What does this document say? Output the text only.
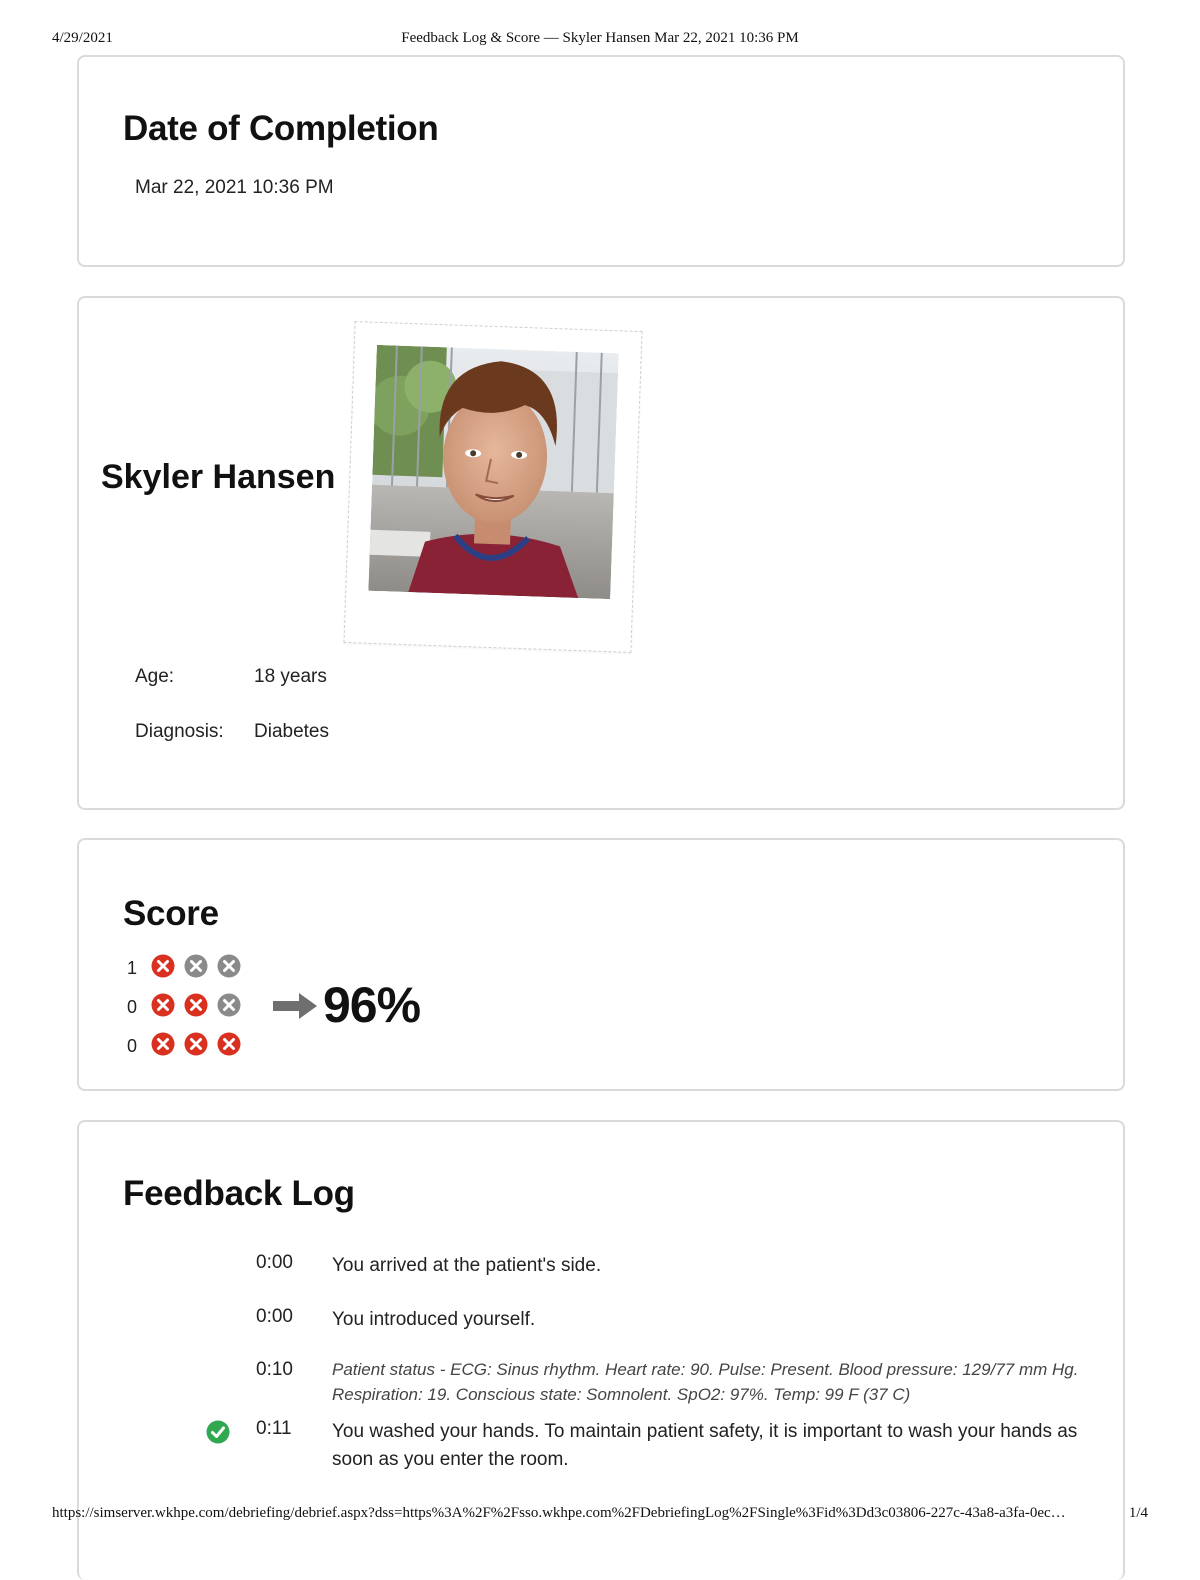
4/29/2021	Feedback Log & Score — Skyler Hansen Mar 22, 2021 10:36 PM
Date of Completion
Mar 22, 2021 10:36 PM
Skyler Hansen
Age:	18 years
Diagnosis: Diabetes
Score
1
0
0
96%
Feedback Log
0:00 You arrived at the patient's side.
0:00 You introduced yourself.
0:10 Patient status - ECG: Sinus rhythm. Heart rate: 90. Pulse: Present. Blood pressure: 129/77 mm Hg. Respiration: 19. Conscious state: Somnolent. SpO2: 97%. Temp: 99 F (37 C)
0:11 You washed your hands. To maintain patient safety, it is important to wash your hands as soon as you enter the room.
https://simserver.wkhpe.com/debriefing/debrief.aspx?dss=https%3A%2F%2Fsso.wkhpe.com%2FDebriefingLog%2FSingle%3Fid%3Dd3c03806-227c-43a8-a3fa-0ec…	1/4
